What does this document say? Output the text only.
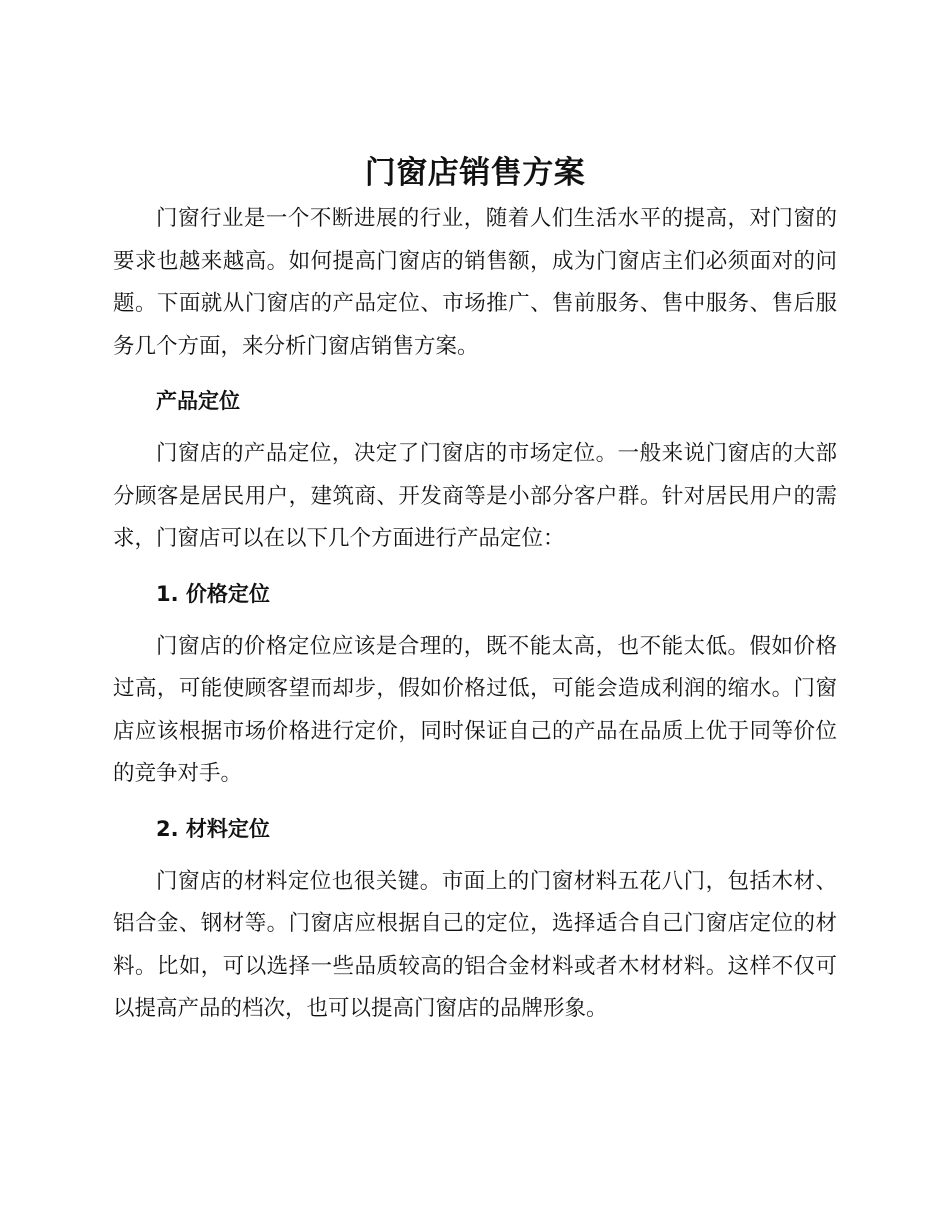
门窗店销售方案

门窗行业是一个不断进展的行业，随着人们生活水平的提高，对门窗的要求也越来越高。如何提高门窗店的销售额，成为门窗店主们必须面对的问题。下面就从门窗店的产品定位、市场推广、售前服务、售中服务、售后服务几个方面，来分析门窗店销售方案。

产品定位

门窗店的产品定位，决定了门窗店的市场定位。一般来说门窗店的大部分顾客是居民用户，建筑商、开发商等是小部分客户群。针对居民用户的需求，门窗店可以在以下几个方面进行产品定位：

1. 价格定位

门窗店的价格定位应该是合理的，既不能太高，也不能太低。假如价格过高，可能使顾客望而却步，假如价格过低，可能会造成利润的缩水。门窗店应该根据市场价格进行定价，同时保证自己的产品在品质上优于同等价位的竞争对手。

2. 材料定位

门窗店的材料定位也很关键。市面上的门窗材料五花八门，包括木材、铝合金、钢材等。门窗店应根据自己的定位，选择适合自己门窗店定位的材料。比如，可以选择一些品质较高的铝合金材料或者木材材料。这样不仅可以提高产品的档次，也可以提高门窗店的品牌形象。
